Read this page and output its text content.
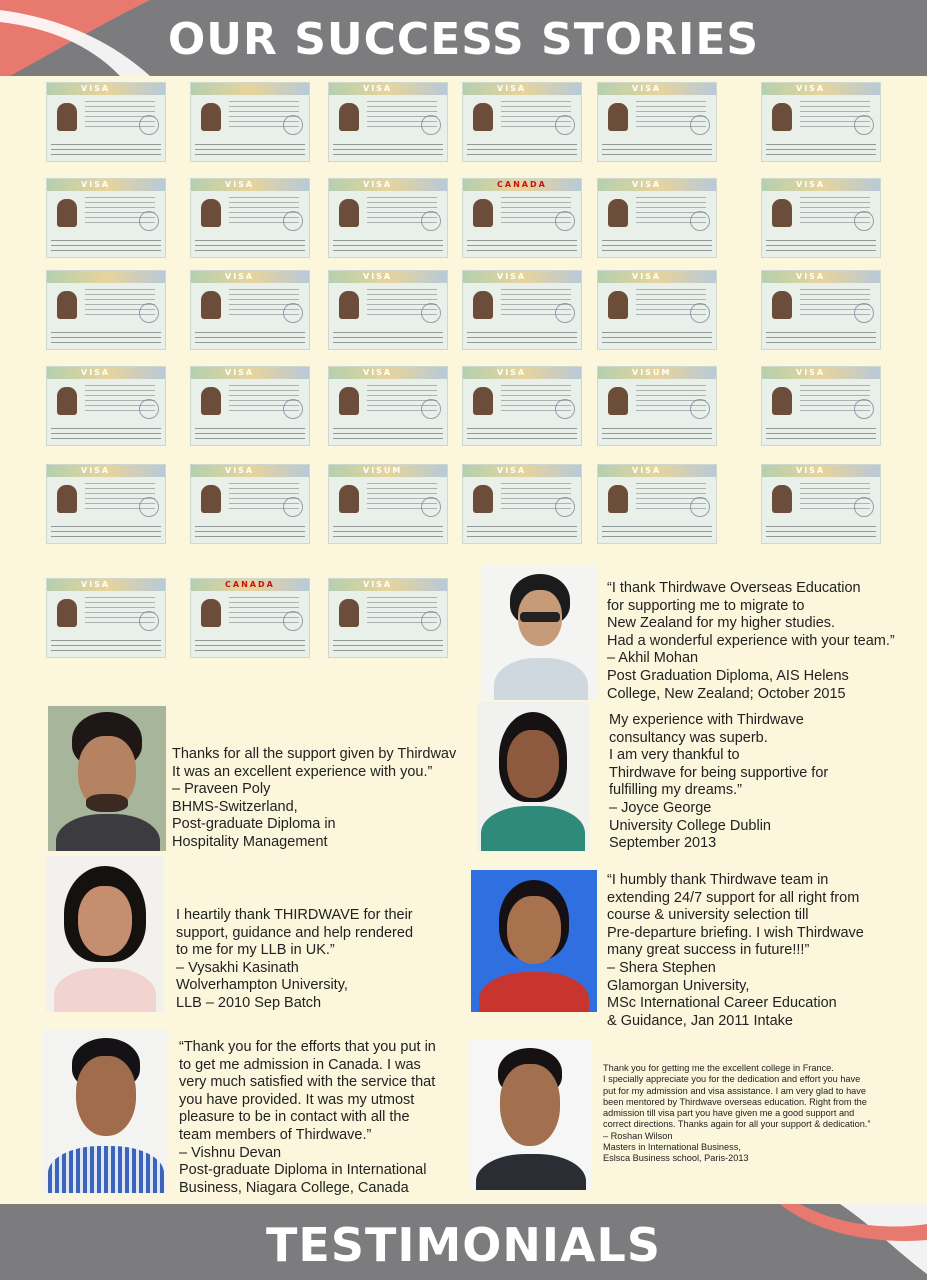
OUR SUCCESS STORIES
VISA	VISA	VISA	VISA	VISA
VISA	VISA	VISA	CANADA	VISA	VISA
VISA	VISA	VISA	VISA	VISA
VISA	VISA	VISA	VISA	VISUM	VISA
VISA	VISA	VISUM	VISA	VISA	VISA
VISA	CANADA	VISA	“I thank Thirdwave Overseas Education
for supporting me to migrate to
New Zealand for my higher studies.
Had a wonderful experience with your team.”
– Akhil Mohan
Post Graduation Diploma, AIS Helens
College, New Zealand; October 2015

Thanks for all the support given by Thirdwav
It was an excellent experience with you.”
– Praveen Poly
BHMS-Switzerland,
Post-graduate Diploma in
Hospitality Management

My experience with Thirdwave
consultancy was superb.
I am very thankful to
Thirdwave for being supportive for
fulfilling my dreams.”
– Joyce George
University College Dublin
September 2013

I heartily thank THIRDWAVE for their
support, guidance and help rendered
to me for my LLB in UK.”
– Vysakhi Kasinath
Wolverhampton University,
LLB – 2010 Sep Batch

“I humbly thank Thirdwave team in
extending 24/7 support for all right from
course & university selection till
Pre-departure briefing. I wish Thirdwave
many great success in future!!!”
– Shera Stephen
Glamorgan University,
MSc International Career Education
& Guidance, Jan 2011 Intake

“Thank you for the efforts that you put in
to get me admission in Canada. I was
very much satisfied with the service that
you have provided. It was my utmost
pleasure to be in contact with all the
team members of Thirdwave.”
– Vishnu Devan
Post-graduate Diploma in International
Business, Niagara College, Canada

Thank you for getting me the excellent college in France.
I specially appreciate you for the dedication and effort you have
put for my admission and visa assistance. I am very glad to have
been mentored by Thirdwave overseas education. Right from the
admission till visa part you have given me a good support and
correct directions. Thanks again for all your support & dedication.”
– Roshan Wilson
Masters in International Business,
Eslsca Business school, Paris-2013

TESTIMONIALS
